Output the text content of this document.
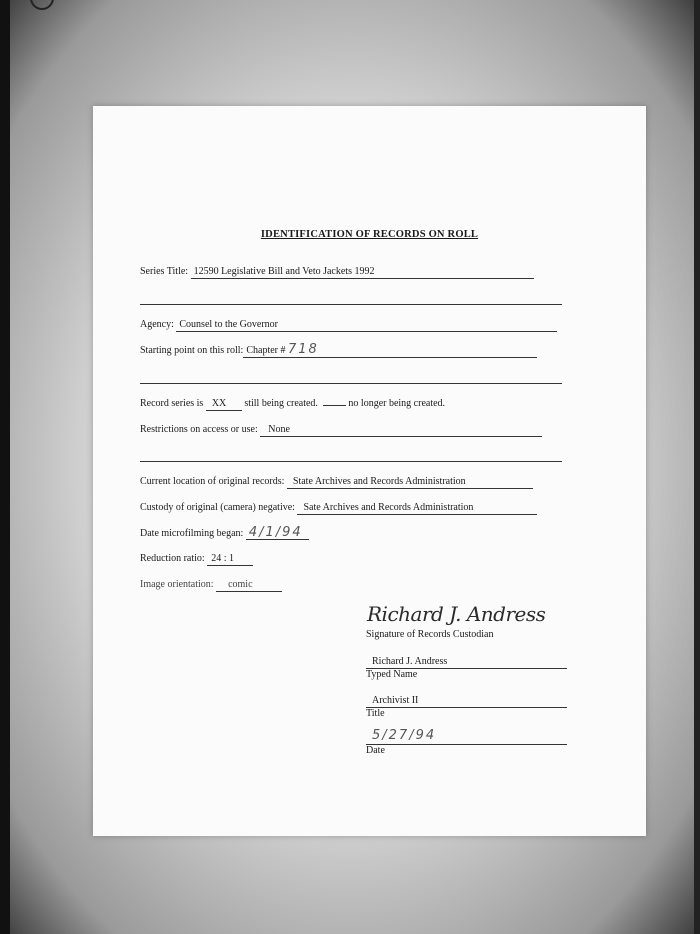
IDENTIFICATION OF RECORDS ON ROLL
Series Title: 12590 Legislative Bill and Veto Jackets 1992
Agency: Counsel to the Governor
Starting point on this roll: Chapter # 718
Record series is XX still being created.	no longer being created.
Restrictions on access or use: None
Current location of original records: State Archives and Records Administration
Custody of original (camera) negative: Sate Archives and Records Administration
Date microfilming began: 4/1/94
Reduction ratio: 24 : 1
Image orientation: comic
Richard J. Andress
Signature of Records Custodian
Richard J. Andress
Typed Name
Archivist II
Title
5/27/94
Date
